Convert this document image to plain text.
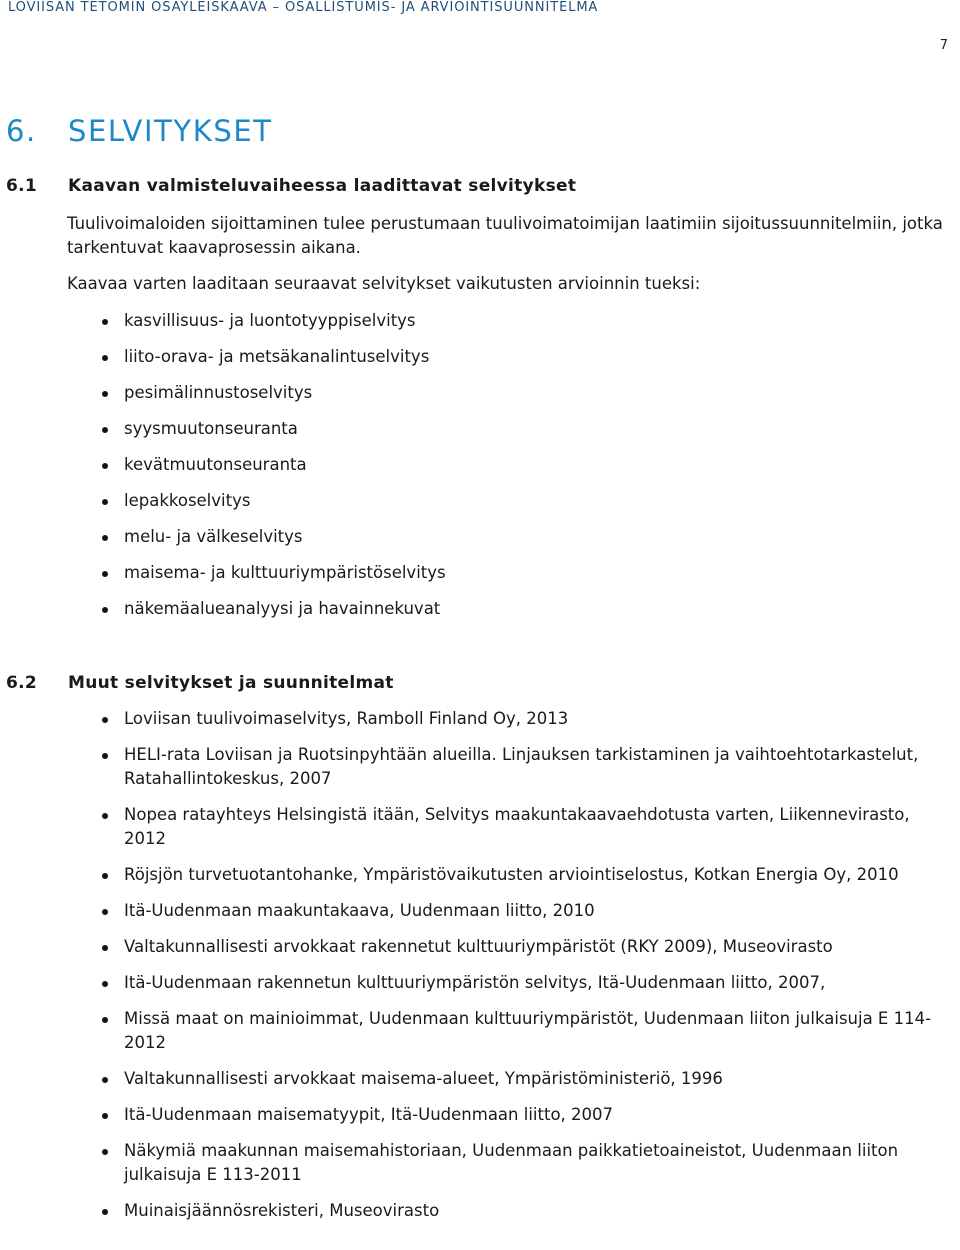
LOVIISAN TETOMIN OSAYLEISKAAVA – OSALLISTUMIS- JA ARVIOINTISUUNNITELMA
7
6. SELVITYKSET
6.1 Kaavan valmisteluvaiheessa laadittavat selvitykset
Tuulivoimaloiden sijoittaminen tulee perustumaan tuulivoimatoimijan laatimiin sijoitussuunnitelmiin, jotka tarkentuvat kaavaprosessin aikana.
Kaavaa varten laaditaan seuraavat selvitykset vaikutusten arvioinnin tueksi:
kasvillisuus- ja luontotyyppiselvitys
liito-orava- ja metsäkanalintuselvitys
pesimälinnustoselvitys
syysmuutonseuranta
kevätmuutonseuranta
lepakkoselvitys
melu- ja välkeselvitys
maisema- ja kulttuuriympäristöselvitys
näkemäalueanalyysi ja havainnekuvat
6.2 Muut selvitykset ja suunnitelmat
Loviisan tuulivoimaselvitys, Ramboll Finland Oy, 2013
HELI-rata Loviisan ja Ruotsinpyhtään alueilla. Linjauksen tarkistaminen ja vaihtoehtotarkastelut, Ratahallintokeskus, 2007
Nopea ratayhteys Helsingistä itään, Selvitys maakuntakaavaehdotusta varten, Liikennevirasto, 2012
Röjsjön turvetuotantohanke, Ympäristövaikutusten arviointiselostus, Kotkan Energia Oy, 2010
Itä-Uudenmaan maakuntakaava, Uudenmaan liitto, 2010
Valtakunnallisesti arvokkaat rakennetut kulttuuriympäristöt (RKY 2009), Museovirasto
Itä-Uudenmaan rakennetun kulttuuriympäristön selvitys, Itä-Uudenmaan liitto, 2007,
Missä maat on mainioimmat, Uudenmaan kulttuuriympäristöt, Uudenmaan liiton julkaisuja E 114-2012
Valtakunnallisesti arvokkaat maisema-alueet, Ympäristöministeriö, 1996
Itä-Uudenmaan maisematyypit, Itä-Uudenmaan liitto, 2007
Näkymiä maakunnan maisemahistoriaan, Uudenmaan paikkatietoaineistot, Uudenmaan liiton julkaisuja E 113-2011
Muinaisjäännösrekisteri, Museovirasto
